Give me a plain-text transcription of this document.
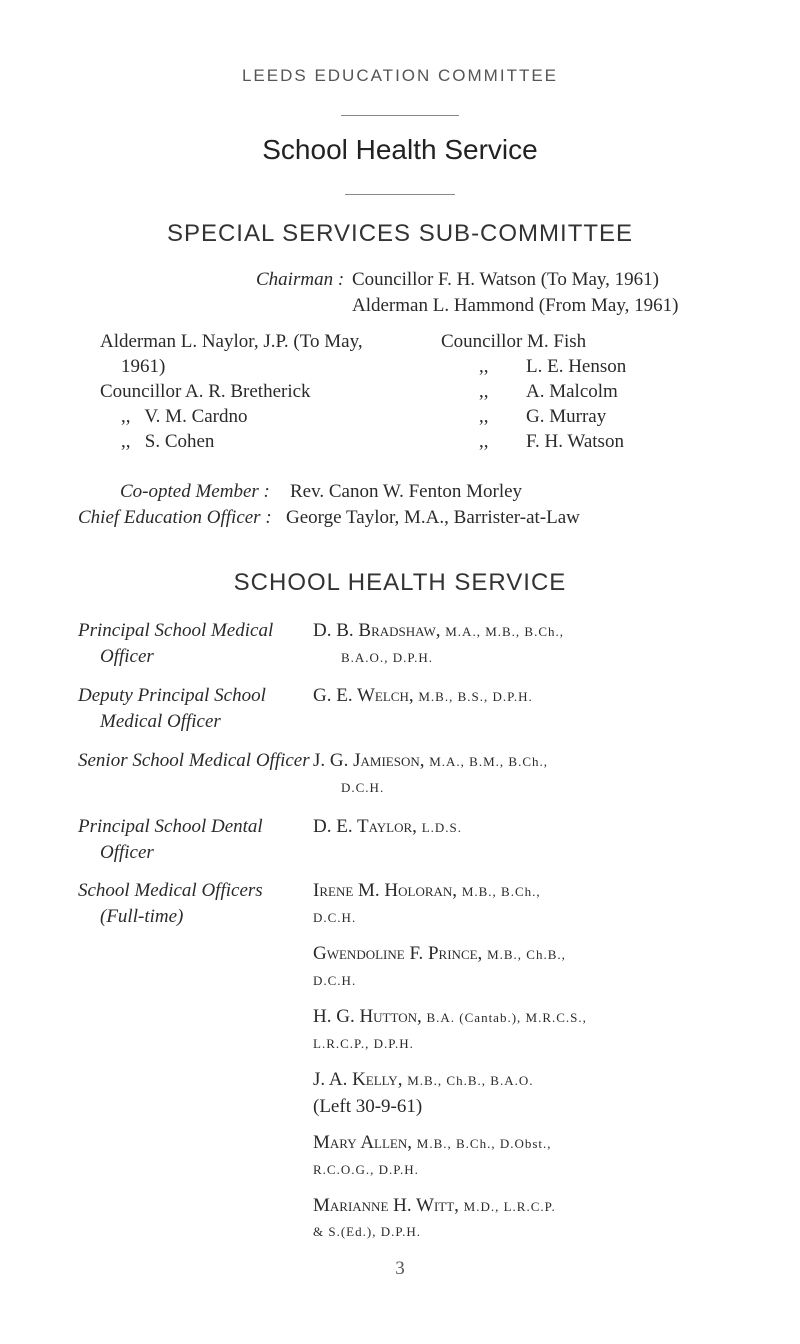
LEEDS EDUCATION COMMITTEE
School Health Service
SPECIAL SERVICES SUB-COMMITTEE
Chairman : Councillor F. H. Watson (To May, 1961)
Alderman L. Hammond (From May, 1961)
Alderman L. Naylor, J.P. (To May,
1961)
Councillor A. R. Bretherick
,,   V. M. Cardno
,,   S. Cohen
Councillor M. Fish
,, L. E. Henson
,, A. Malcolm
,, G. Murray
,, F. H. Watson
Co-opted Member : Rev. Canon W. Fenton Morley
Chief Education Officer : George Taylor, M.A., Barrister-at-Law
SCHOOL HEALTH SERVICE
Principal School Medical
Officer
D. B. Bradshaw, M.A., M.B., B.Ch.,
B.A.O., D.P.H.
Deputy Principal School
Medical Officer
G. E. Welch, M.B., B.S., D.P.H.
Senior School Medical Officer J. G. Jamieson, M.A., B.M., B.Ch.,
D.C.H.
Principal School Dental
Officer
D. E. Taylor, L.D.S.
School Medical Officers
(Full-time)
Irene M. Holoran, M.B., B.Ch.,
D.C.H.
Gwendoline F. Prince, M.B., Ch.B.,
D.C.H.
H. G. Hutton, B.A. (Cantab.), M.R.C.S.,
L.R.C.P., D.P.H.
J. A. Kelly, M.B., Ch.B., B.A.O.
(Left 30-9-61)
Mary Allen, M.B., B.Ch., D.Obst.,
R.C.O.G., D.P.H.
Marianne H. Witt, M.D., L.R.C.P.
& S.(Ed.), D.P.H.
3
